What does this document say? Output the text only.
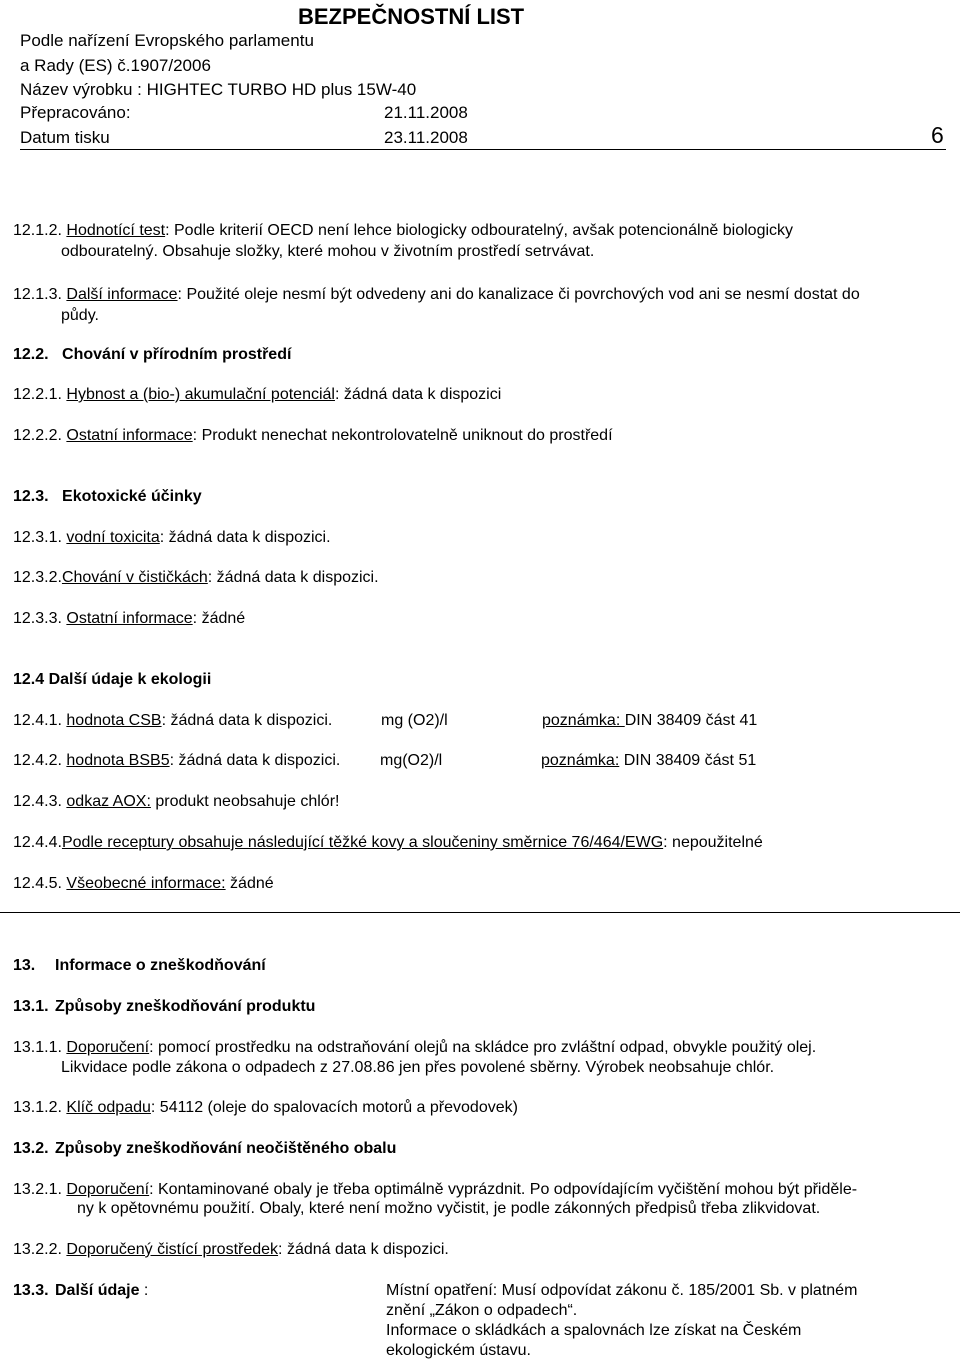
BEZPEČNOSTNÍ LIST
Podle nařízení Evropského parlamentu
a Rady (ES) č.1907/2006
Název výrobku : HIGHTEC TURBO HD plus 15W-40
Přepracováno:	21.11.2008
Datum tisku	23.11.2008	6
12.1.2. Hodnotící test: Podle kriterií OECD není lehce biologicky odbouratelný, avšak potencionálně biologicky
odbouratelný. Obsahuje složky, které mohou v životním prostředí setrvávat.
12.1.3. Další informace: Použité oleje nesmí být odvedeny ani do kanalizace či povrchových vod ani se nesmí dostat do
půdy.
12.2. Chování v přírodním prostředí
12.2.1. Hybnost a (bio-) akumulační potenciál: žádná data k dispozici
12.2.2. Ostatní informace: Produkt nenechat nekontrolovatelně uniknout do prostředí
12.3. Ekotoxické účinky
12.3.1. vodní toxicita: žádná data k dispozici.
12.3.2.Chování v čističkách: žádná data k dispozici.
12.3.3. Ostatní informace: žádné
12.4 Další údaje k ekologii
12.4.1. hodnota CSB: žádná data k dispozici.	mg (O2)/l	poznámka: DIN 38409 část 41
12.4.2. hodnota BSB5: žádná data k dispozici. mg(O2)/l	poznámka: DIN 38409 část 51
12.4.3. odkaz AOX: produkt neobsahuje chlór!
12.4.4.Podle receptury obsahuje následující těžké kovy a sloučeniny směrnice 76/464/EWG: nepoužitelné
12.4.5. Všeobecné informace: žádné
13. Informace o zneškodňování
13.1. Způsoby zneškodňování produktu
13.1.1. Doporučení: pomocí prostředku na odstraňování olejů na skládce pro zvláštní odpad, obvykle použitý olej.
Likvidace podle zákona o odpadech z 27.08.86 jen přes povolené sběrny. Výrobek neobsahuje chlór.
13.1.2. Klíč odpadu: 54112 (oleje do spalovacích motorů a převodovek)
13.2. Způsoby zneškodňování neočištěného obalu
13.2.1. Doporučení: Kontaminované obaly je třeba optimálně vyprázdnit. Po odpovídajícím vyčištění mohou být přiděle-
ny k opětovnému použití. Obaly, které není možno vyčistit, je podle zákonných předpisů třeba zlikvidovat.
13.2.2. Doporučený čistící prostředek: žádná data k dispozici.
13.3. Další údaje :	Místní opatření: Musí odpovídat zákonu č. 185/2001 Sb. v platném
znění „Zákon o odpadech“.
Informace o skládkách a spalovnách lze získat na Českém
ekologickém ústavu.
